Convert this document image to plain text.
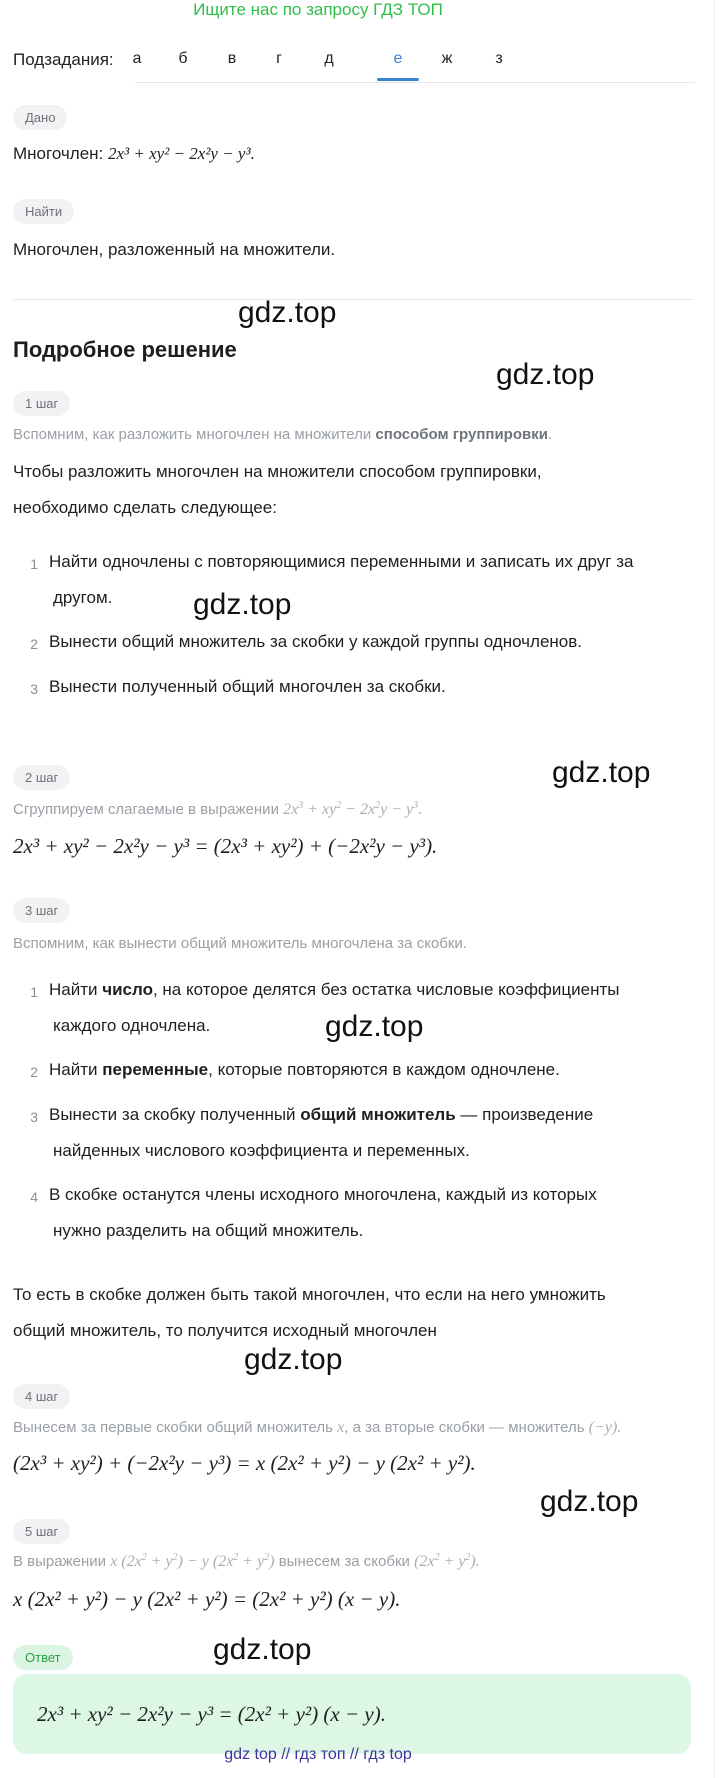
Ищите нас по запросу ГДЗ ТОП
Подзадания:	а	б	в	г	д	е	ж	з
Дано
Многочлен: 2x³ + xy² − 2x²y − y³.
Найти
Многочлен, разложенный на множители.
gdz.top
Подробное решение
gdz.top
1 шаг
Вспомним, как разложить многочлен на множители способом группировки.
Чтобы разложить многочлен на множители способом группировки,
необходимо сделать следующее:
1 Найти одночлены с повторяющимися переменными и записать их друг за
другом.	gdz.top
2 Вынести общий множитель за скобки у каждой группы одночленов.
3 Вынести полученный общий многочлен за скобки.
gdz.top
2 шаг
Сгруппируем слагаемые в выражении $2x^3 + xy^2 - 2x^2y - y^3$.
2x³ + xy² − 2x²y − y³ = (2x³ + xy²) + (−2x²y − y³).
3 шаг
Вспомним, как вынести общий множитель многочлена за скобки.
1 Найти число, на которое делятся без остатка числовые коэффициенты
каждого одночлена.	gdz.top
2 Найти переменные, которые повторяются в каждом одночлене.
3 Вынести за скобку полученный общий множитель — произведение
найденных числового коэффициента и переменных.
4 В скобке останутся члены исходного многочлена, каждый из которых
нужно разделить на общий множитель.
То есть в скобке должен быть такой многочлен, что если на него умножить
общий множитель, то получится исходный многочлен
gdz.top
4 шаг
Вынесем за первые скобки общий множитель x, а за вторые скобки — множитель (−y).
(2x³ + xy²) + (−2x²y − y³) = x (2x² + y²) − y (2x² + y²).
gdz.top
5 шаг
В выражении x $(2x^2 + y^2) - y$ $(2x^2 + y^2)$ вынесем за скобки $(2x^2 + y^2)$.
x (2x² + y²) − y (2x² + y²) = (2x² + y²) (x − y).
gdz.top
Ответ
2x³ + xy² − 2x²y − y³ = (2x² + y²) (x − y).
gdz top // гдз топ // гдз top
